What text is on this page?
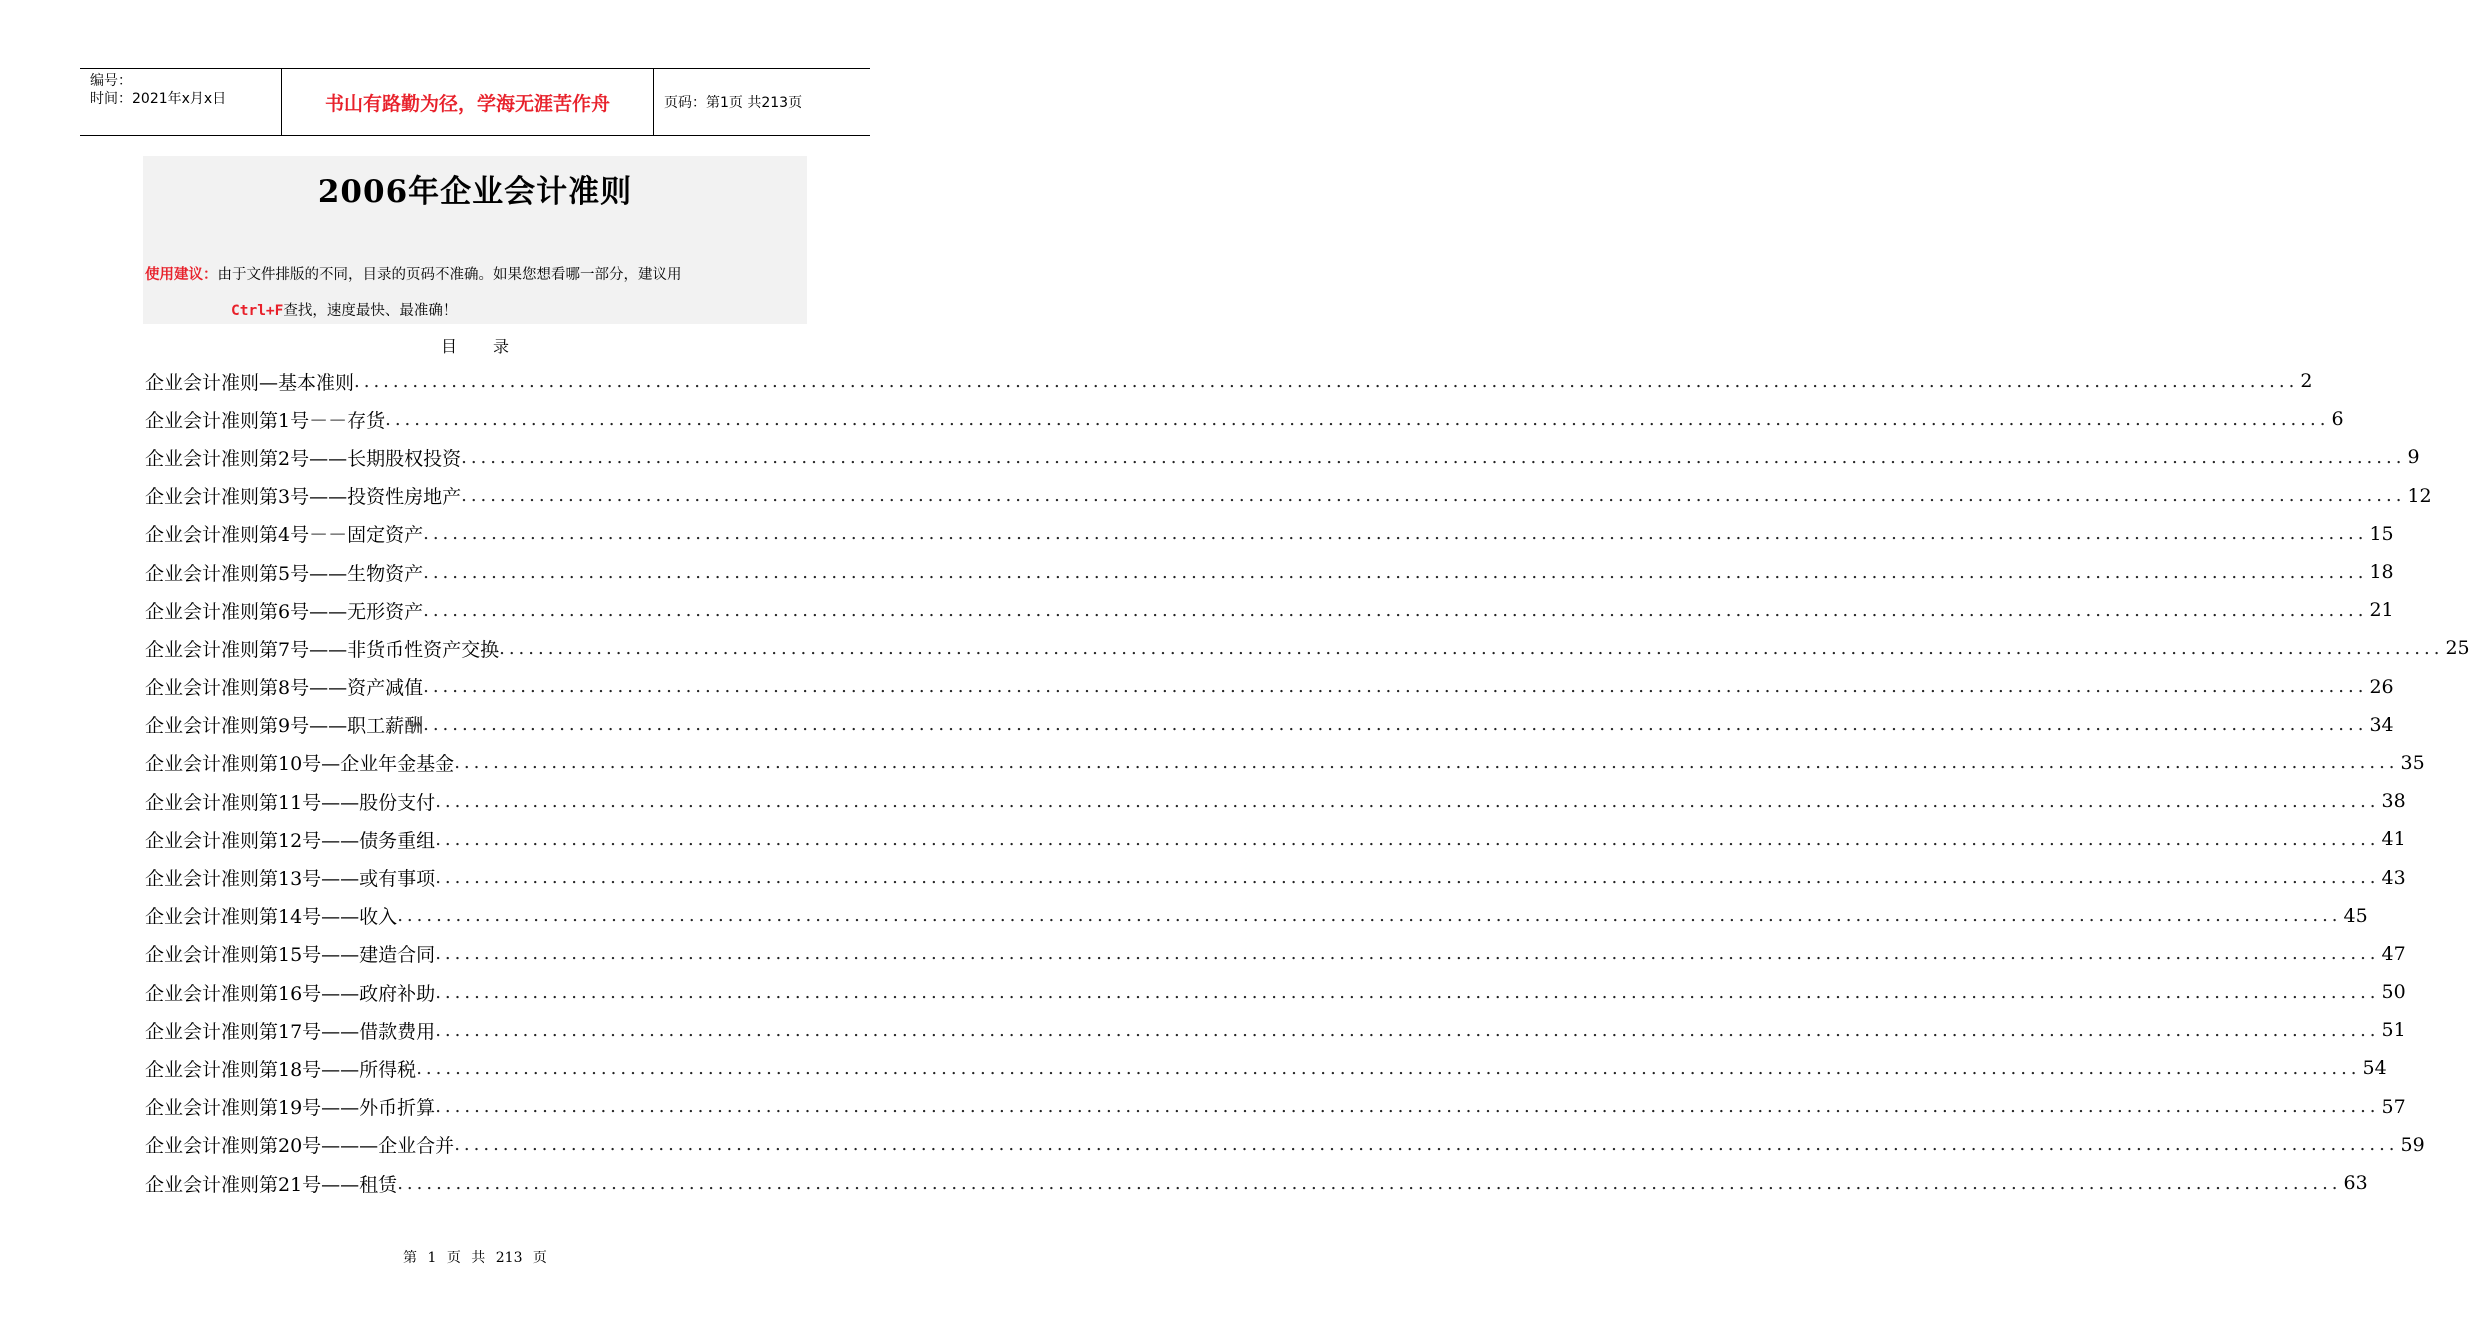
编号：
时间：2021年x月x日	书山有路勤为径，学海无涯苦作舟	页码：第1页 共213页
2006年企业会计准则
使用建议：由于文件排版的不同，目录的页码不准确。如果您想看哪一部分，建议用
Ctrl+F查找，速度最快、最准确！
目录
企业会计准则—基本准则 ........................................................................................................................................................................................................ 2
企业会计准则第1号－－存货 ........................................................................................................................................................................................................ 6
企业会计准则第2号——长期股权投资 ........................................................................................................................................................................................................ 9
企业会计准则第3号——投资性房地产 ........................................................................................................................................................................................................ 12
企业会计准则第4号－－固定资产 ........................................................................................................................................................................................................ 15
企业会计准则第5号——生物资产 ........................................................................................................................................................................................................ 18
企业会计准则第6号——无形资产 ........................................................................................................................................................................................................ 21
企业会计准则第7号——非货币性资产交换 ........................................................................................................................................................................................................ 25
企业会计准则第8号——资产减值 ........................................................................................................................................................................................................ 26
企业会计准则第9号——职工薪酬 ........................................................................................................................................................................................................ 34
企业会计准则第10号—企业年金基金 ........................................................................................................................................................................................................ 35
企业会计准则第11号——股份支付 ........................................................................................................................................................................................................ 38
企业会计准则第12号——债务重组 ........................................................................................................................................................................................................ 41
企业会计准则第13号——或有事项 ........................................................................................................................................................................................................ 43
企业会计准则第14号——收入 ........................................................................................................................................................................................................ 45
企业会计准则第15号——建造合同 ........................................................................................................................................................................................................ 47
企业会计准则第16号——政府补助 ........................................................................................................................................................................................................ 50
企业会计准则第17号——借款费用 ........................................................................................................................................................................................................ 51
企业会计准则第18号——所得税 ........................................................................................................................................................................................................ 54
企业会计准则第19号——外币折算 ........................................................................................................................................................................................................ 57
企业会计准则第20号———企业合并 ........................................................................................................................................................................................................ 59
企业会计准则第21号——租赁 ........................................................................................................................................................................................................ 63
第 1 页 共 213 页
